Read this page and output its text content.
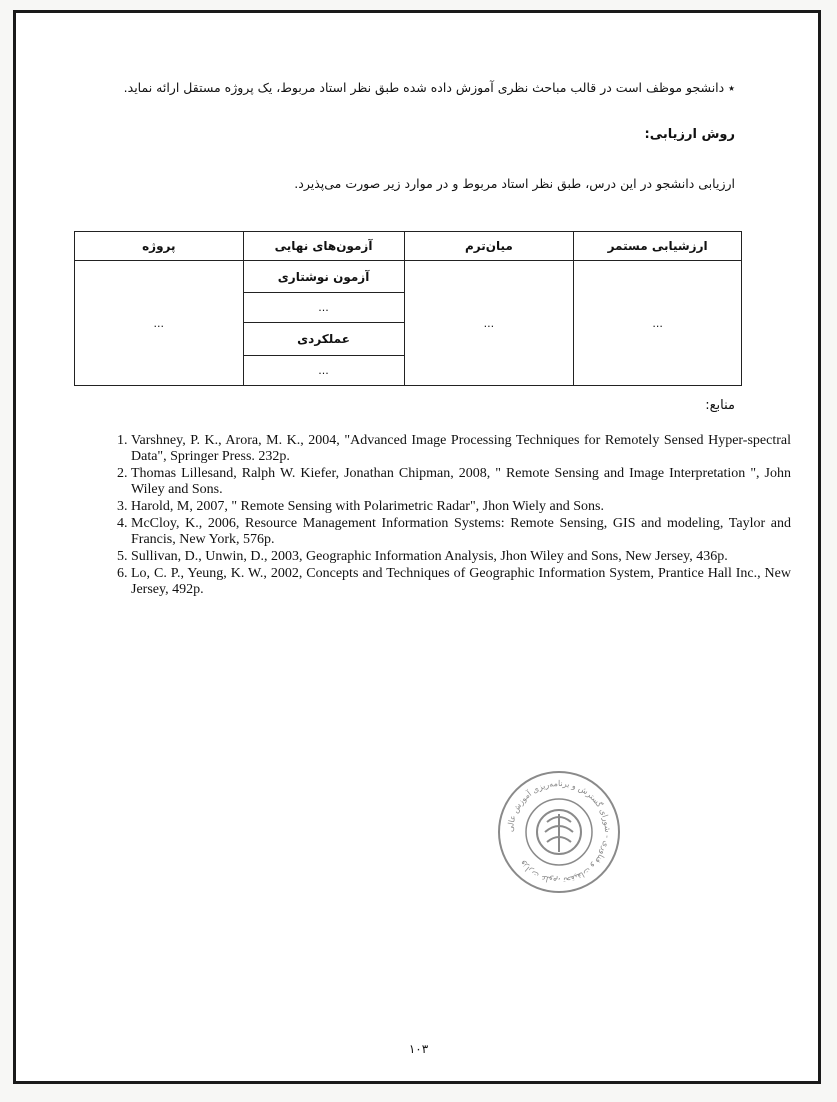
٭ دانشجو موظف است در قالب مباحث نظری آموزش داده شده طبق نظر استاد مربوط، یک پروژه مستقل ارائه نماید.
روش ارزیابی:
ارزیابی دانشجو در این درس، طبق نظر استاد مربوط و در موارد زیر صورت می‌پذیرد.
ارزشیابی مستمر	میان‌ترم	آزمون‌های نهایی	پروژه
...	...	آزمون نوشتاری	...
		...	
		عملکردی	
		...	
منابع:
1. Varshney, P. K., Arora, M. K., 2004, "Advanced Image Processing Techniques for Remotely Sensed Hyper-spectral Data", Springer Press. 232p.
2. Thomas Lillesand, Ralph W. Kiefer, Jonathan Chipman, 2008, " Remote Sensing and Image Interpretation ", John Wiley and Sons.
3. Harold, M, 2007, " Remote Sensing with Polarimetric Radar", Jhon Wiely and Sons.
4. McCloy, K., 2006, Resource Management Information Systems: Remote Sensing, GIS and modeling, Taylor and Francis, New York, 576p.
5. Sullivan, D., Unwin, D., 2003, Geographic Information Analysis, Jhon Wiley and Sons, New Jersey, 436p.
6. Lo, C. P., Yeung, K. W., 2002, Concepts and Techniques of Geographic Information System, Prantice Hall Inc., New Jersey, 492p.
وزارت علوم، تحقیقات و فناوری - شورای گسترش و برنامه‌ریزی آموزش عالی
۱۰۳
